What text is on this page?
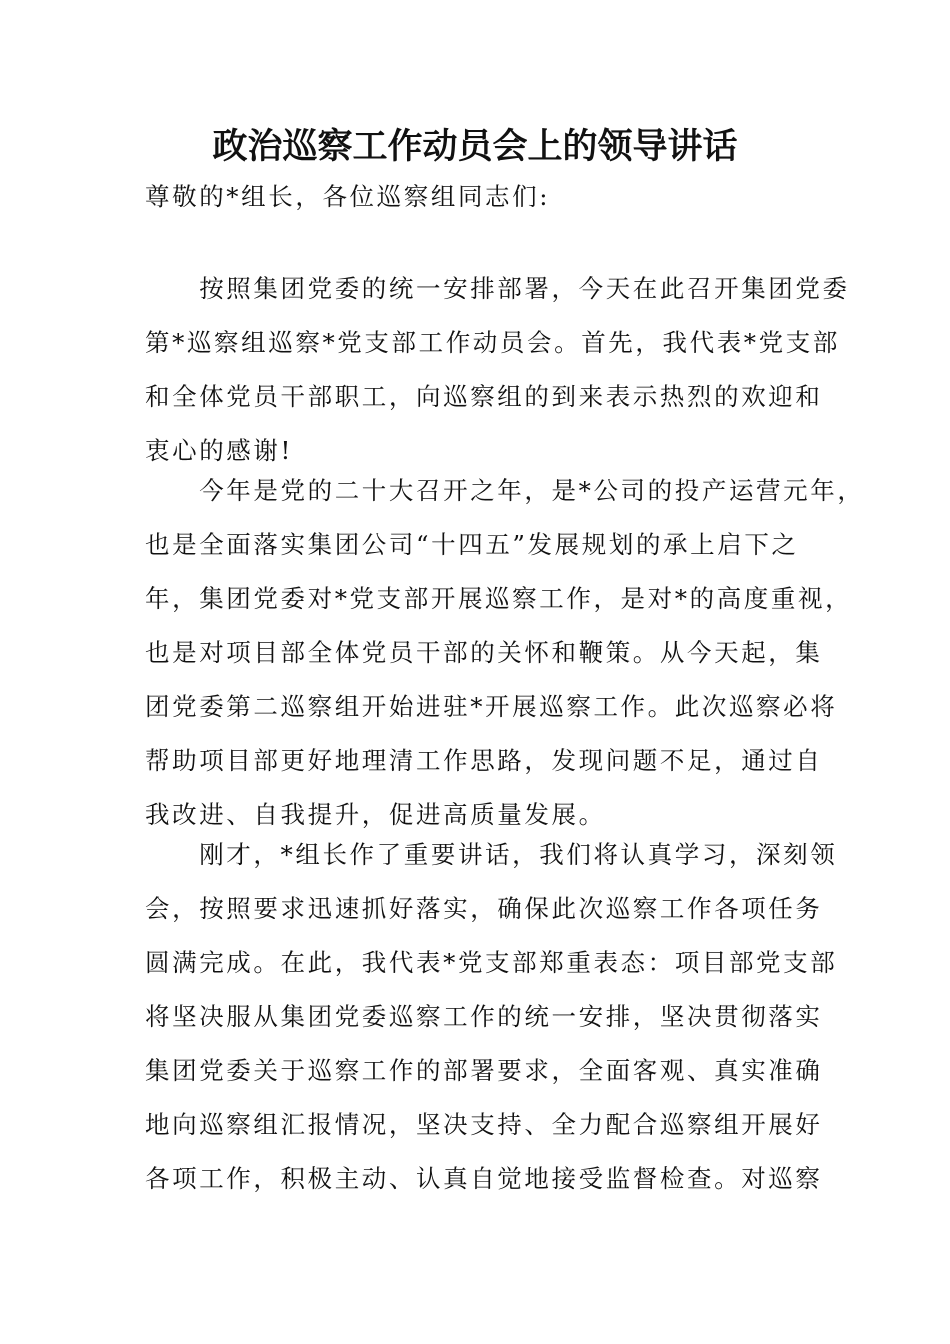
政治巡察工作动员会上的领导讲话

尊敬的*组长，各位巡察组同志们:

　　按照集团党委的统一安排部署，今天在此召开集团党委
第*巡察组巡察*党支部工作动员会。首先，我代表*党支部
和全体党员干部职工，向巡察组的到来表示热烈的欢迎和
衷心的感谢!
　　今年是党的二十大召开之年，是*公司的投产运营元年，
也是全面落实集团公司“十四五”发展规划的承上启下之
年，集团党委对*党支部开展巡察工作，是对*的高度重视，
也是对项目部全体党员干部的关怀和鞭策。从今天起，集
团党委第二巡察组开始进驻*开展巡察工作。此次巡察必将
帮助项目部更好地理清工作思路，发现问题不足，通过自
我改进、自我提升，促进高质量发展。
　　刚才，*组长作了重要讲话，我们将认真学习，深刻领
会，按照要求迅速抓好落实，确保此次巡察工作各项任务
圆满完成。在此，我代表*党支部郑重表态：项目部党支部
将坚决服从集团党委巡察工作的统一安排，坚决贯彻落实
集团党委关于巡察工作的部署要求，全面客观、真实准确
地向巡察组汇报情况，坚决支持、全力配合巡察组开展好
各项工作，积极主动、认真自觉地接受监督检查。对巡察
